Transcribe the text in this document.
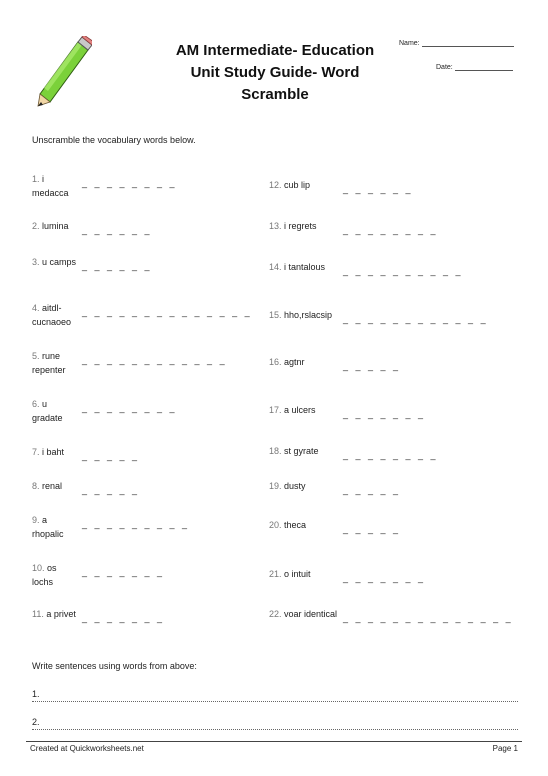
AM Intermediate- Education
Unit Study Guide- Word
Scramble
Name:
Date:
Unscramble the vocabulary words below.
1. i medacca
_ _ _ _ _ _ _ _
2. lumina	_ _ _ _ _ _
3. u camps _ _ _ _ _ _
4. aitdl-cucnaoeo
_ _ _ _ _ _ _ _ _ _ _ _ _ _
5. rune repenter
_ _ _ _ _ _ _ _ _ _ _ _
6. u gradate
_ _ _ _ _ _ _ _
7. i baht	_ _ _ _ _
8. renal	_ _ _ _ _
9. a rhopalic
_ _ _ _ _ _ _ _ _
10. os lochs
_ _ _ _ _ _ _
11. a privet _ _ _ _ _ _ _
12. cub lip	_ _ _ _ _ _
13. i regrets	_ _ _ _ _ _ _ _
14. i tantalous	_ _ _ _ _ _ _ _ _ _
15. hho,rslacsip	_ _ _ _ _ _ _ _ _ _ _ _
16. agtnr	_ _ _ _ _
17. a ulcers	_ _ _ _ _ _ _
18. st gyrate	_ _ _ _ _ _ _ _
19. dusty	_ _ _ _ _
20. theca	_ _ _ _ _
21. o intuit	_ _ _ _ _ _ _
22. voar identical _ _ _ _ _ _ _ _ _ _ _ _ _ _
Write sentences using words from above:
1.
2.
Created at Quickworksheets.net	Page 1
